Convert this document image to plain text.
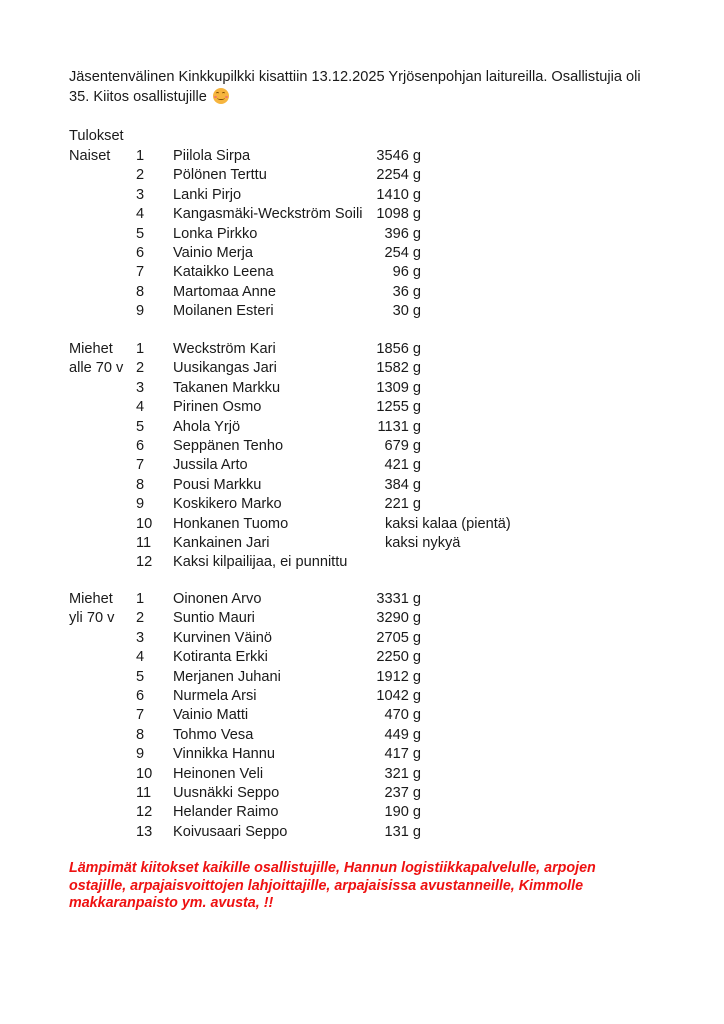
Jäsentenvälinen Kinkkupilkki kisattiin 13.12.2025 Yrjösenpohjan laitureilla. Osallistujia oli 35. Kiitos osallistujille
Tulokset
Naiset 1 Piilola Sirpa	3546 g
2 Pölönen Terttu	2254 g
3 Lanki Pirjo	1410 g
4 Kangasmäki-Weckström Soili 1098 g
5 Lonka Pirkko	396 g
6 Vainio Merja	254 g
7 Kataikko Leena	96 g
8 Martomaa Anne	36 g
9 Moilanen Esteri	30 g
Miehet 1 Weckström Kari	1856 g
alle 70 v 2 Uusikangas Jari	1582 g
3 Takanen Markku	1309 g
4 Pirinen Osmo	1255 g
5 Ahola Yrjö	1131 g
6 Seppänen Tenho	679 g
7 Jussila Arto	421 g
8 Pousi Markku	384 g
9 Koskikero Marko	221 g
10 Honkanen Tuomo	kaksi kalaa (pientä)
11 Kankainen Jari	kaksi nykyä
12 Kaksi kilpailijaa, ei punnittu
Miehet 1 Oinonen Arvo	3331 g
yli 70 v 2 Suntio Mauri	3290 g
3 Kurvinen Väinö	2705 g
4 Kotiranta Erkki	2250 g
5 Merjanen Juhani	1912 g
6 Nurmela Arsi	1042 g
7 Vainio Matti	470 g
8 Tohmo Vesa	449 g
9 Vinnikka Hannu	417 g
10 Heinonen Veli	321 g
11 Uusnäkki Seppo	237 g
12 Helander Raimo	190 g
13 Koivusaari Seppo	131 g
Lämpimät kiitokset kaikille osallistujille, Hannun logistiikkapalvelulle, arpojen ostajille, arpajaisvoittojen lahjoittajille, arpajaisissa avustanneille, Kimmolle makkaranpaisto ym. avusta, !!
